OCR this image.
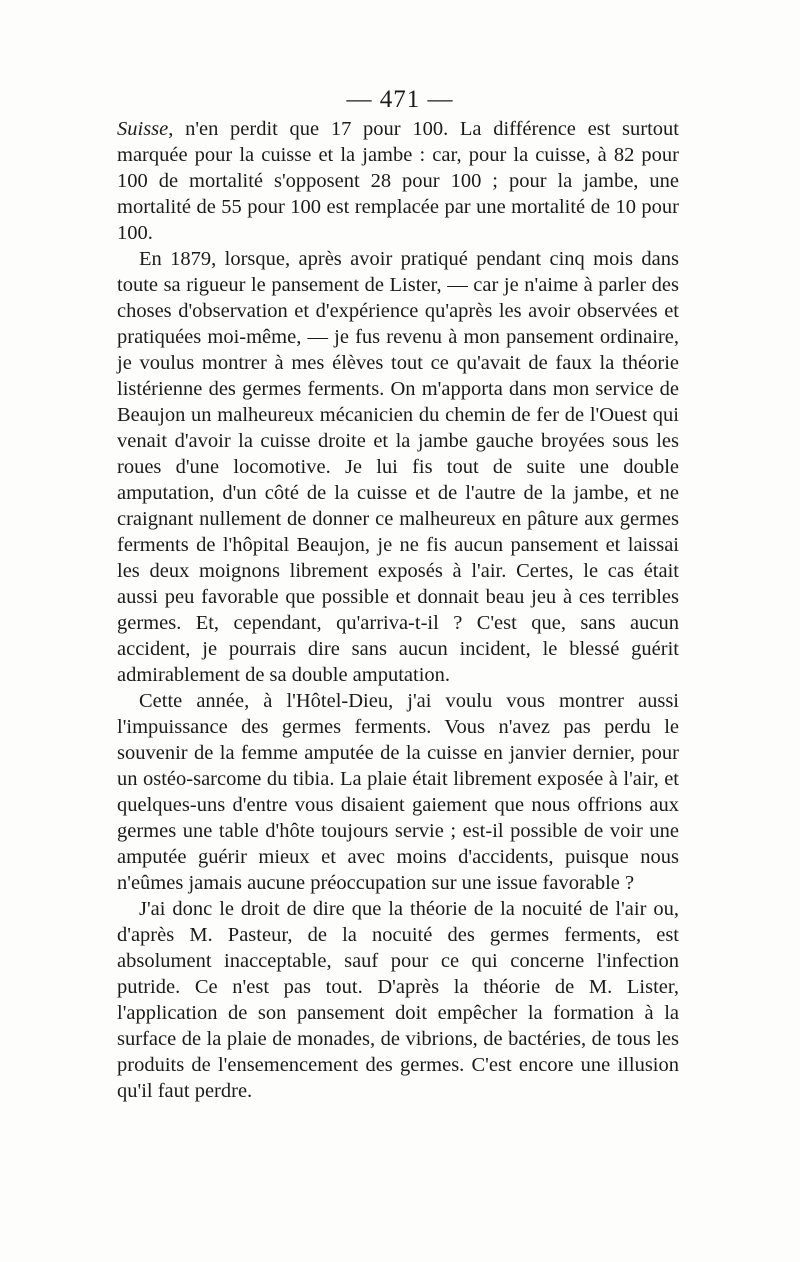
— 471 —

Suisse, n'en perdit que 17 pour 100. La différence est surtout marquée pour la cuisse et la jambe : car, pour la cuisse, à 82 pour 100 de mortalité s'opposent 28 pour 100 ; pour la jambe, une mortalité de 55 pour 100 est remplacée par une mortalité de 10 pour 100.

En 1879, lorsque, après avoir pratiqué pendant cinq mois dans toute sa rigueur le pansement de Lister, — car je n'aime à parler des choses d'observation et d'expérience qu'après les avoir observées et pratiquées moi-même, — je fus revenu à mon pansement ordinaire, je voulus montrer à mes élèves tout ce qu'avait de faux la théorie listérienne des germes ferments. On m'apporta dans mon service de Beaujon un malheureux mécanicien du chemin de fer de l'Ouest qui venait d'avoir la cuisse droite et la jambe gauche broyées sous les roues d'une locomotive. Je lui fis tout de suite une double amputation, d'un côté de la cuisse et de l'autre de la jambe, et ne craignant nullement de donner ce malheureux en pâture aux germes ferments de l'hôpital Beaujon, je ne fis aucun pansement et laissai les deux moignons librement exposés à l'air. Certes, le cas était aussi peu favorable que possible et donnait beau jeu à ces terribles germes. Et, cependant, qu'arriva-t-il ? C'est que, sans aucun accident, je pourrais dire sans aucun incident, le blessé guérit admirablement de sa double amputation.

Cette année, à l'Hôtel-Dieu, j'ai voulu vous montrer aussi l'impuissance des germes ferments. Vous n'avez pas perdu le souvenir de la femme amputée de la cuisse en janvier dernier, pour un ostéo-sarcome du tibia. La plaie était librement exposée à l'air, et quelques-uns d'entre vous disaient gaiement que nous offrions aux germes une table d'hôte toujours servie ; est-il possible de voir une amputée guérir mieux et avec moins d'accidents, puisque nous n'eûmes jamais aucune préoccupation sur une issue favorable ?

J'ai donc le droit de dire que la théorie de la nocuité de l'air ou, d'après M. Pasteur, de la nocuité des germes ferments, est absolument inacceptable, sauf pour ce qui concerne l'infection putride. Ce n'est pas tout. D'après la théorie de M. Lister, l'application de son pansement doit empêcher la formation à la surface de la plaie de monades, de vibrions, de bactéries, de tous les produits de l'ensemencement des germes. C'est encore une illusion qu'il faut perdre.
